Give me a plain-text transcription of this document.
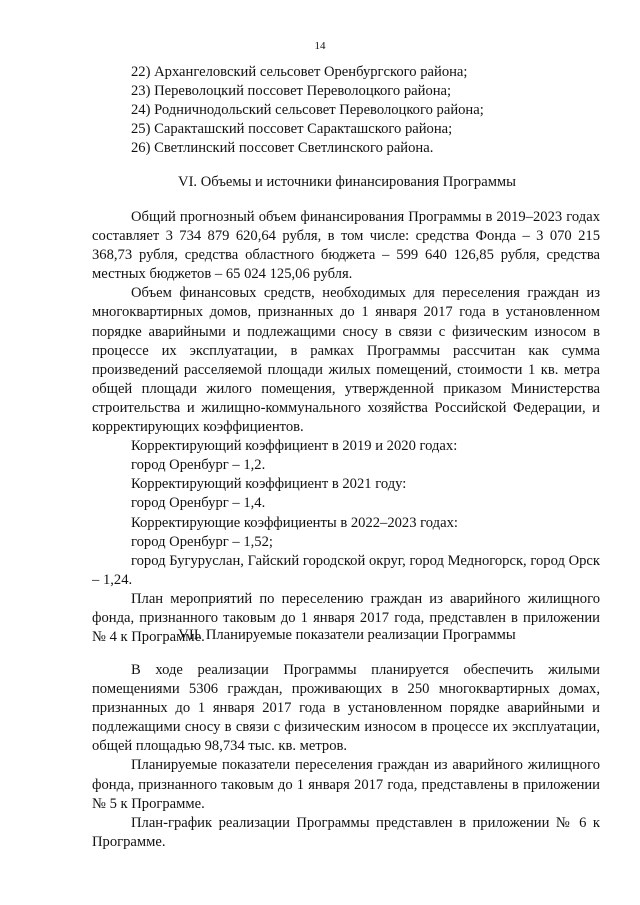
14
22) Архангеловский сельсовет Оренбургского района;
23) Переволоцкий поссовет Переволоцкого района;
24) Родничнодольский сельсовет Переволоцкого района;
25) Саракташский поссовет Саракташского района;
26) Светлинский поссовет Светлинского района.
VI. Объемы и источники финансирования Программы

Общий прогнозный объем финансирования Программы в 2019–2023 годах составляет 3 734 879 620,64 рубля, в том числе: средства Фонда – 3 070 215 368,73 рубля, средства областного бюджета – 599 640 126,85 рубля, средства местных бюджетов – 65 024 125,06 рубля.

Объем финансовых средств, необходимых для переселения граждан из многоквартирных домов, признанных до 1 января 2017 года в установленном порядке аварийными и подлежащими сносу в связи с физическим износом в процессе их эксплуатации, в рамках Программы рассчитан как сумма произведений расселяемой площади жилых помещений, стоимости 1 кв. метра общей площади жилого помещения, утвержденной приказом Министерства строительства и жилищно-коммунального хозяйства Российской Федерации, и корректирующих коэффициентов.

Корректирующий коэффициент в 2019 и 2020 годах:

город Оренбург – 1,2.

Корректирующий коэффициент в 2021 году:

город Оренбург – 1,4.

Корректирующие коэффициенты в 2022–2023 годах:

город Оренбург – 1,52;

город Бугуруслан, Гайский городской округ, город Медногорск, город Орск – 1,24.

План мероприятий по переселению граждан из аварийного жилищного фонда, признанного таковым до 1 января 2017 года, представлен в приложении № 4 к Программе.

VII. Планируемые показатели реализации Программы

В ходе реализации Программы планируется обеспечить жилыми помещениями 5306 граждан, проживающих в 250 многоквартирных домах, признанных до 1 января 2017 года в установленном порядке аварийными и подлежащими сносу в связи с физическим износом в процессе их эксплуатации, общей площадью 98,734 тыс. кв. метров.

Планируемые показатели переселения граждан из аварийного жилищного фонда, признанного таковым до 1 января 2017 года, представлены в приложении № 5 к Программе.

План-график реализации Программы представлен в приложении № 6 к Программе.
